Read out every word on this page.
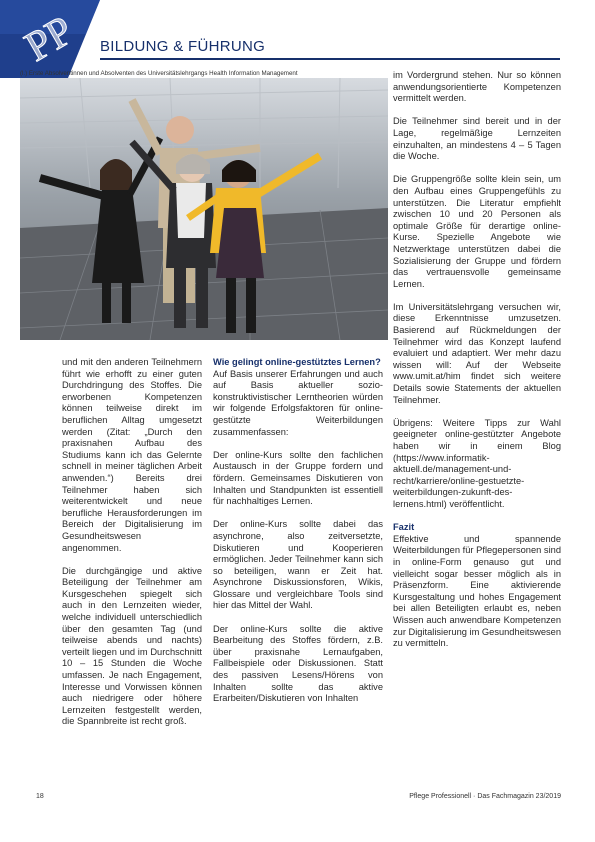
PP BILDUNG & FÜHRUNG
(l.) Erste Absolventinnen und Absolventen des Universitätslehrgangs Health Information Management

und mit den anderen Teilnehmern führt wie erhofft zu einer guten Durchdringung des Stoffes. Die erworbenen Kompetenzen können teilweise direkt im beruflichen Alltag umgesetzt werden (Zitat: „Durch den praxisnahen Aufbau des Studiums kann ich das Gelernte schnell in meiner täglichen Arbeit anwenden.“) Bereits drei Teilnehmer haben sich weiterentwickelt und neue berufliche Herausforderungen im Bereich der Digitalisierung im Gesundheitswesen angenommen.

Die durchgängige und aktive Beteiligung der Teilnehmer am Kursgeschehen spiegelt sich auch in den Lernzeiten wieder, welche individuell unterschiedlich über den gesamten Tag (und teilweise abends und nachts) verteilt liegen und im Durchschnitt 10 – 15 Stunden die Woche umfassen. Je nach Engagement, Interesse und Vorwissen können auch niedrigere oder höhere Lernzeiten festgestellt werden, die Spannbreite ist recht groß.

Wie gelingt online-gestütztes Lernen?

Auf Basis unserer Erfahrungen und auch auf Basis aktueller sozio-konstruktivistischer Lerntheorien würden wir folgende Erfolgsfaktoren für online-gestützte Weiterbildungen zusammenfassen:

Der online-Kurs sollte den fachlichen Austausch in der Gruppe fordern und fördern. Gemeinsames Diskutieren von Inhalten und Standpunkten ist essentiell für nachhaltiges Lernen.

Der online-Kurs sollte dabei das asynchrone, also zeitversetzte, Diskutieren und Kooperieren ermöglichen. Jeder Teilnehmer kann sich so beteiligen, wann er Zeit hat. Asynchrone Diskussionsforen, Wikis, Glossare und vergleichbare Tools sind hier das Mittel der Wahl.

Der online-Kurs sollte die aktive Bearbeitung des Stoffes fördern, z.B. über praxisnahe Lernaufgaben, Fallbeispiele oder Diskussionen. Statt des passiven Lesens/Hörens von Inhalten sollte das aktive Erarbeiten/Diskutieren von Inhalten

im Vordergrund stehen. Nur so können anwendungsorientierte Kompetenzen vermittelt werden.

Die Teilnehmer sind bereit und in der Lage, regelmäßige Lernzeiten einzuhalten, an mindestens 4 – 5 Tagen die Woche.

Die Gruppengröße sollte klein sein, um den Aufbau eines Gruppengefühls zu unterstützen. Die Literatur empfiehlt zwischen 10 und 20 Personen als optimale Größe für derartige online-Kurse. Spezielle Angebote wie Netzwerktage unterstützen dabei die Sozialisierung der Gruppe und fördern das vertrauensvolle gemeinsame Lernen.

Im Universitätslehrgang versuchen wir, diese Erkenntnisse umzusetzen. Basierend auf Rückmeldungen der Teilnehmer wird das Konzept laufend evaluiert und adaptiert. Wer mehr dazu wissen will: Auf der Webseite www.umit.at/him findet sich weitere Details sowie Statements der aktuellen Teilnehmer.

Übrigens: Weitere Tipps zur Wahl geeigneter online-gestützter Angebote haben wir in einem Blog (https://www.informatik-aktuell.de/management-und-recht/karriere/online-gestuetzte-weiterbildungen-zukunft-des-lernens.html) veröffentlicht.

Fazit

Effektive und spannende Weiterbildungen für Pflegepersonen sind in online-Form genauso gut und vielleicht sogar besser möglich als in Präsenzform. Eine aktivierende Kursgestaltung und hohes Engagement bei allen Beteiligten erlaubt es, neben Wissen auch anwendbare Kompetenzen zur Digitalisierung im Gesundheitswesen zu vermitteln.

18	Pflege Professionell · Das Fachmagazin 23/2019
